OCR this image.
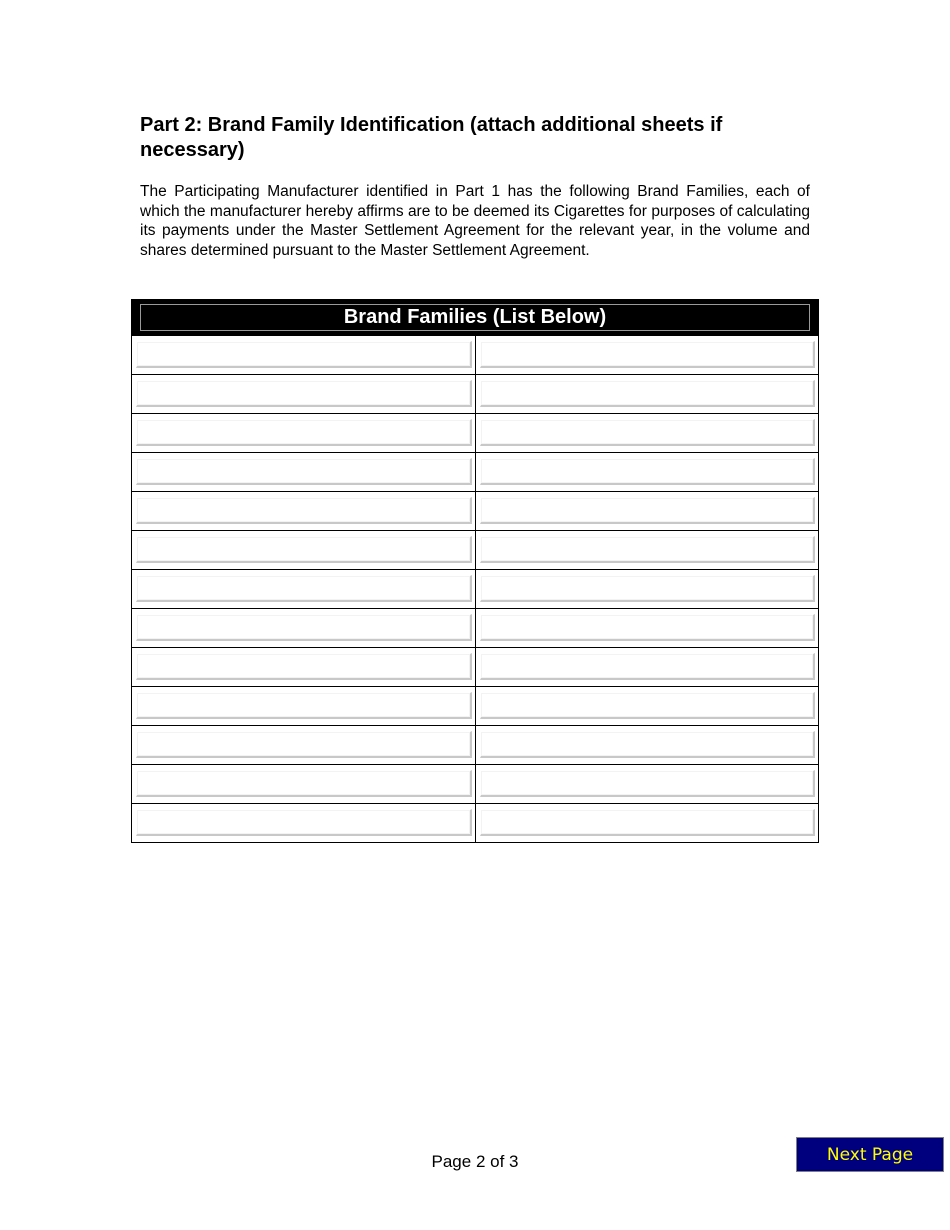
Part 2: Brand Family Identification (attach additional sheets if necessary)

The Participating Manufacturer identified in Part 1 has the following Brand Families, each of which the manufacturer hereby affirms are to be deemed its Cigarettes for purposes of calculating its payments under the Master Settlement Agreement for the relevant year, in the volume and shares determined pursuant to the Master Settlement Agreement.

Brand Families (List Below)	

Page 2 of 3	Next Page
